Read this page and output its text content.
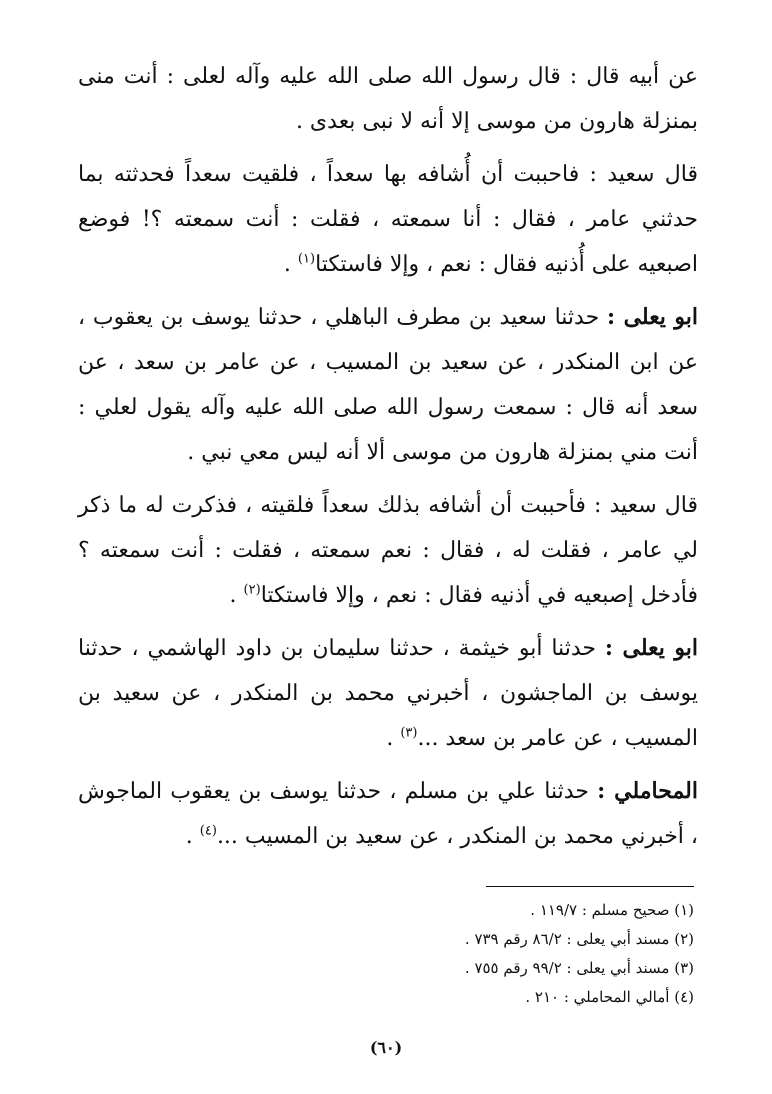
عن أبيه قال : قال رسول الله صلى الله عليه وآله لعلى : أنت منى بمنزلة هارون من موسى إلا أنه لا نبى بعدى .

قال سعيد : فاحببت أن أُشافه بها سعداً ، فلقيت سعداً فحدثته بما حدثني عامر ، فقال : أنا سمعته ، فقلت : أنت سمعته ؟! فوضع اصبعيه على أُذنيه فقال : نعم ، وإلا فاستكتا$^{(١)}$ .

ابو يعلى : حدثنا سعيد بن مطرف الباهلي ، حدثنا يوسف بن يعقوب ، عن ابن المنكدر ، عن سعيد بن المسيب ، عن عامر بن سعد ، عن سعد أنه قال : سمعت رسول الله صلى الله عليه وآله يقول لعلي : أنت مني بمنزلة هارون من موسى ألا أنه ليس معي نبي .

قال سعيد : فأحببت أن أشافه بذلك سعداً فلقيته ، فذكرت له ما ذكر لي عامر ، فقلت له ، فقال : نعم سمعته ، فقلت : أنت سمعته ؟ فأدخل إصبعيه في أذنيه فقال : نعم ، وإلا فاستكتا$^{(٢)}$ .

ابو يعلى : حدثنا أبو خيثمة ، حدثنا سليمان بن داود الهاشمي ، حدثنا يوسف بن الماجشون ، أخبرني محمد بن المنكدر ، عن سعيد بن المسيب ، عن عامر بن سعد ...$^{(٣)}$ .

المحاملي : حدثنا علي بن مسلم ، حدثنا يوسف بن يعقوب الماجوش ، أخبرني محمد بن المنكدر ، عن سعيد بن المسيب ...$^{(٤)}$ .

(١) صحيح مسلم : ١١٩/٧ .
(٢) مسند أبي يعلى : ٨٦/٢ رقم ٧٣٩ .
(٣) مسند أبي يعلى : ٩٩/٢ رقم ٧٥٥ .
(٤) أمالي المحاملي : ٢١٠ .
(٦٠)
